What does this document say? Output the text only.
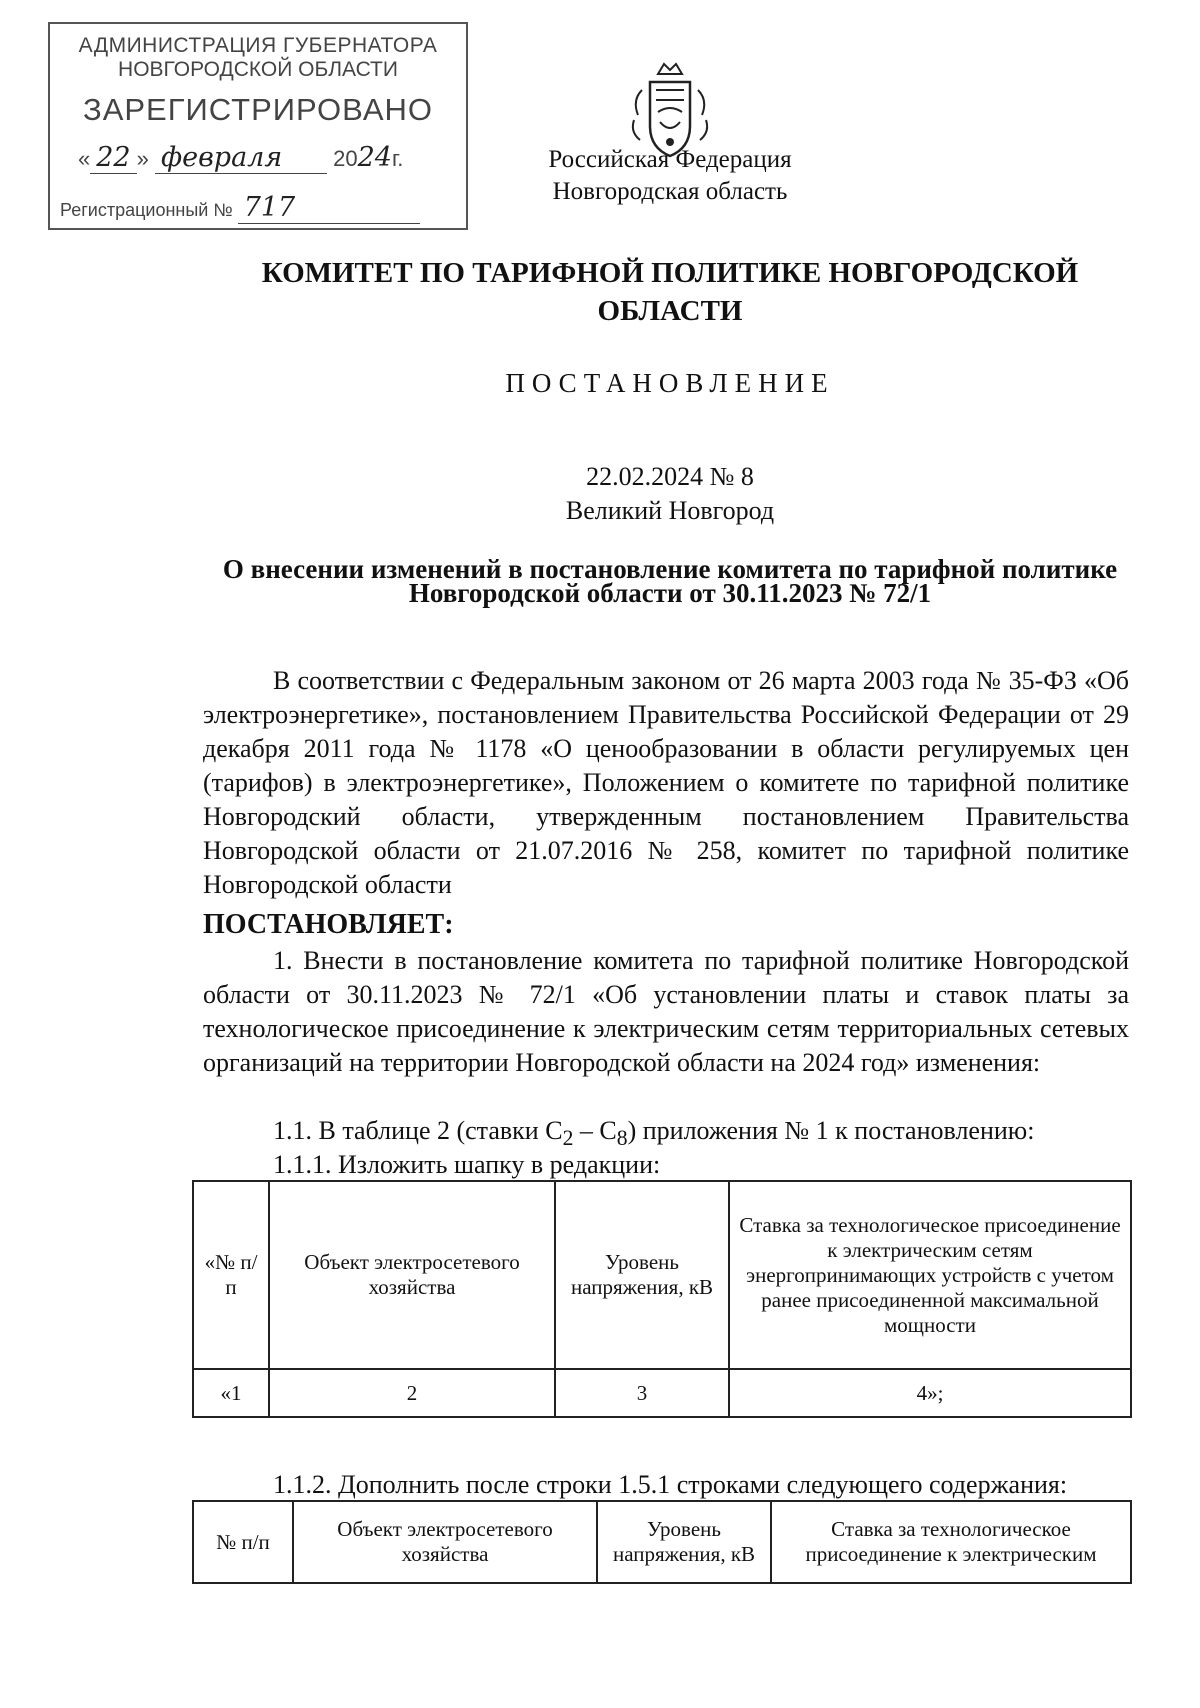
АДМИНИСТРАЦИЯ ГУБЕРНАТОРА
НОВГОРОДСКОЙ ОБЛАСТИ
ЗАРЕГИСТРИРОВАНО
« 22 » февраля 2024г.
Регистрационный № 717
Российская Федерация
Новгородская область
КОМИТЕТ ПО ТАРИФНОЙ ПОЛИТИКЕ НОВГОРОДСКОЙ
ОБЛАСТИ
ПОСТАНОВЛЕНИЕ
22.02.2024 № 8
Великий Новгород
О внесении изменений в постановление комитета по тарифной политике
Новгородской области от 30.11.2023 № 72/1

В соответствии с Федеральным законом от 26 марта 2003 года № 35-ФЗ «Об электроэнергетике», постановлением Правительства Российской Федерации от 29 декабря 2011 года № 1178 «О ценообразовании в области регулируемых цен (тарифов) в электроэнергетике», Положением о комитете по тарифной политике Новгородский области, утвержденным постановлением Правительства Новгородской области от 21.07.2016 № 258, комитет по тарифной политике Новгородской области

ПОСТАНОВЛЯЕТ:

1. Внести в постановление комитета по тарифной политике Новгородской области от 30.11.2023 № 72/1 «Об установлении платы и ставок платы за технологическое присоединение к электрическим сетям территориальных сетевых организаций на территории Новгородской области на 2024 год» изменения:

1.1. В таблице 2 (ставки $С_2 - С_8$) приложения № 1 к постановлению:
1.1.1. Изложить шапку в редакции:
«№ п/п	Объект электросетевого хозяйства	Уровень напряжения, кВ	Ставка за технологическое присоединение к электрическим сетям энергопринимающих устройств с учетом ранее присоединенной максимальной мощности
«1	2	3	4»;
1.1.2. Дополнить после строки 1.5.1 строками следующего содержания:
№ п/п	Объект электросетевого хозяйства	Уровень напряжения, кВ	Ставка за технологическое присоединение к электрическим
